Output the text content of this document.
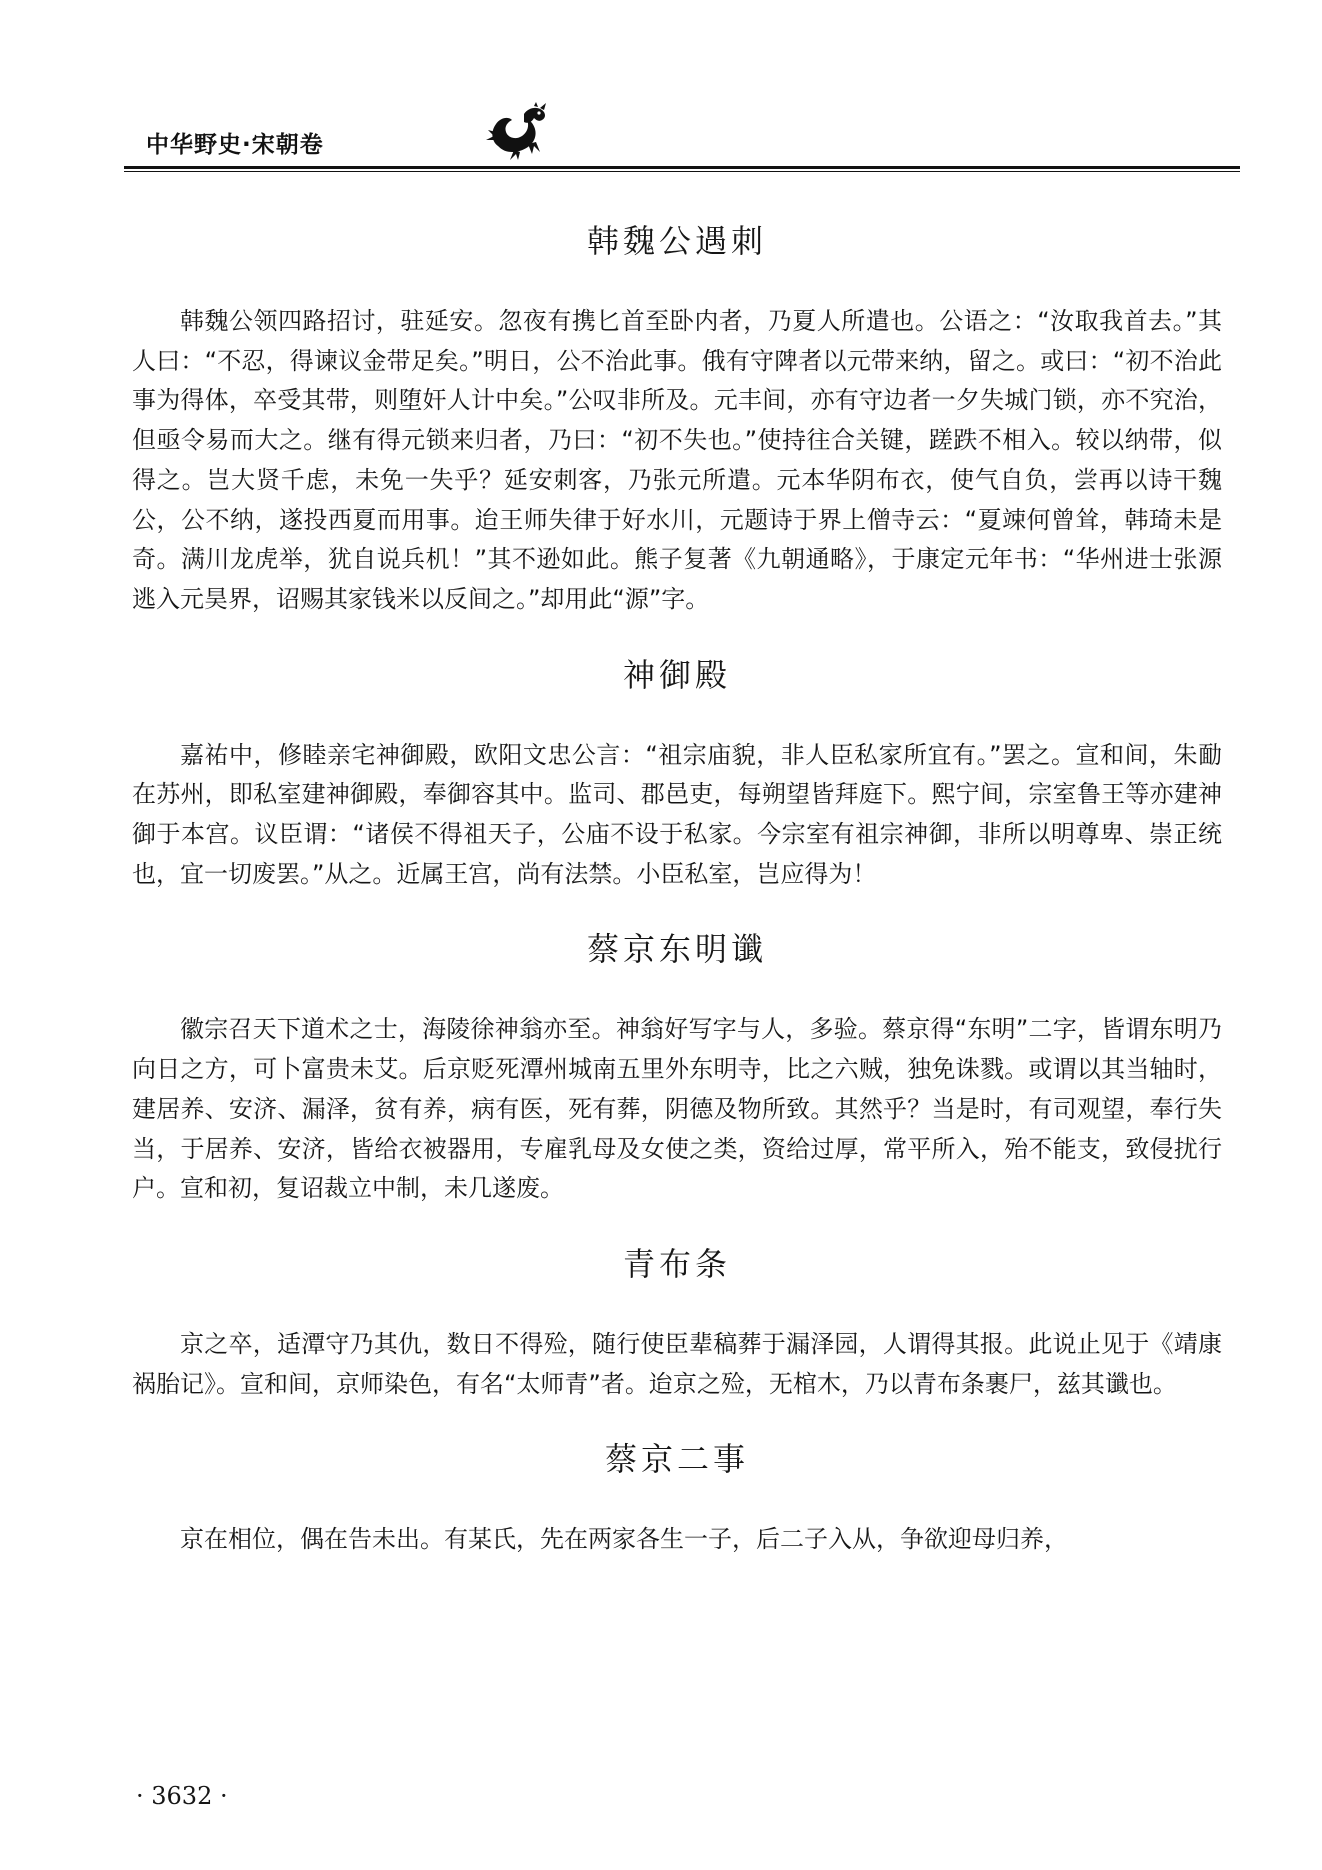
中华野史·宋朝卷
韩魏公遇刺

韩魏公领四路招讨，驻延安。忽夜有携匕首至卧内者，乃夏人所遣也。公语之：“汝取我首去。”其人曰：“不忍，得谏议金带足矣。”明日，公不治此事。俄有守陴者以元带来纳，留之。或曰：“初不治此事为得体，卒受其带，则堕奸人计中矣。”公叹非所及。元丰间，亦有守边者一夕失城门锁，亦不究治，但亟令易而大之。继有得元锁来归者，乃曰：“初不失也。”使持往合关键，蹉跌不相入。较以纳带，似得之。岂大贤千虑，未免一失乎？延安刺客，乃张元所遣。元本华阴布衣，使气自负，尝再以诗干魏公，公不纳，遂投西夏而用事。迨王师失律于好水川，元题诗于界上僧寺云：“夏竦何曾耸，韩琦未是奇。满川龙虎举，犹自说兵机！”其不逊如此。熊子复著《九朝通略》，于康定元年书：“华州进士张源逃入元昊界，诏赐其家钱米以反间之。”却用此“源”字。

神御殿

嘉祐中，修睦亲宅神御殿，欧阳文忠公言：“祖宗庙貌，非人臣私家所宜有。”罢之。宣和间，朱勔在苏州，即私室建神御殿，奉御容其中。监司、郡邑吏，每朔望皆拜庭下。熙宁间，宗室鲁王等亦建神御于本宫。议臣谓：“诸侯不得祖天子，公庙不设于私家。今宗室有祖宗神御，非所以明尊卑、崇正统也，宜一切废罢。”从之。近属王宫，尚有法禁。小臣私室，岂应得为！

蔡京东明谶

徽宗召天下道术之士，海陵徐神翁亦至。神翁好写字与人，多验。蔡京得“东明”二字，皆谓东明乃向日之方，可卜富贵未艾。后京贬死潭州城南五里外东明寺，比之六贼，独免诛戮。或谓以其当轴时，建居养、安济、漏泽，贫有养，病有医，死有葬，阴德及物所致。其然乎？当是时，有司观望，奉行失当，于居养、安济，皆给衣被器用，专雇乳母及女使之类，资给过厚，常平所入，殆不能支，致侵扰行户。宣和初，复诏裁立中制，未几遂废。

青布条

京之卒，适潭守乃其仇，数日不得殓，随行使臣辈稿葬于漏泽园，人谓得其报。此说止见于《靖康祸胎记》。宣和间，京师染色，有名“太师青”者。迨京之殓，无棺木，乃以青布条裹尸，兹其谶也。

蔡京二事

京在相位，偶在告未出。有某氏，先在两家各生一子，后二子入从，争欲迎母归养，

· 3632 ·
